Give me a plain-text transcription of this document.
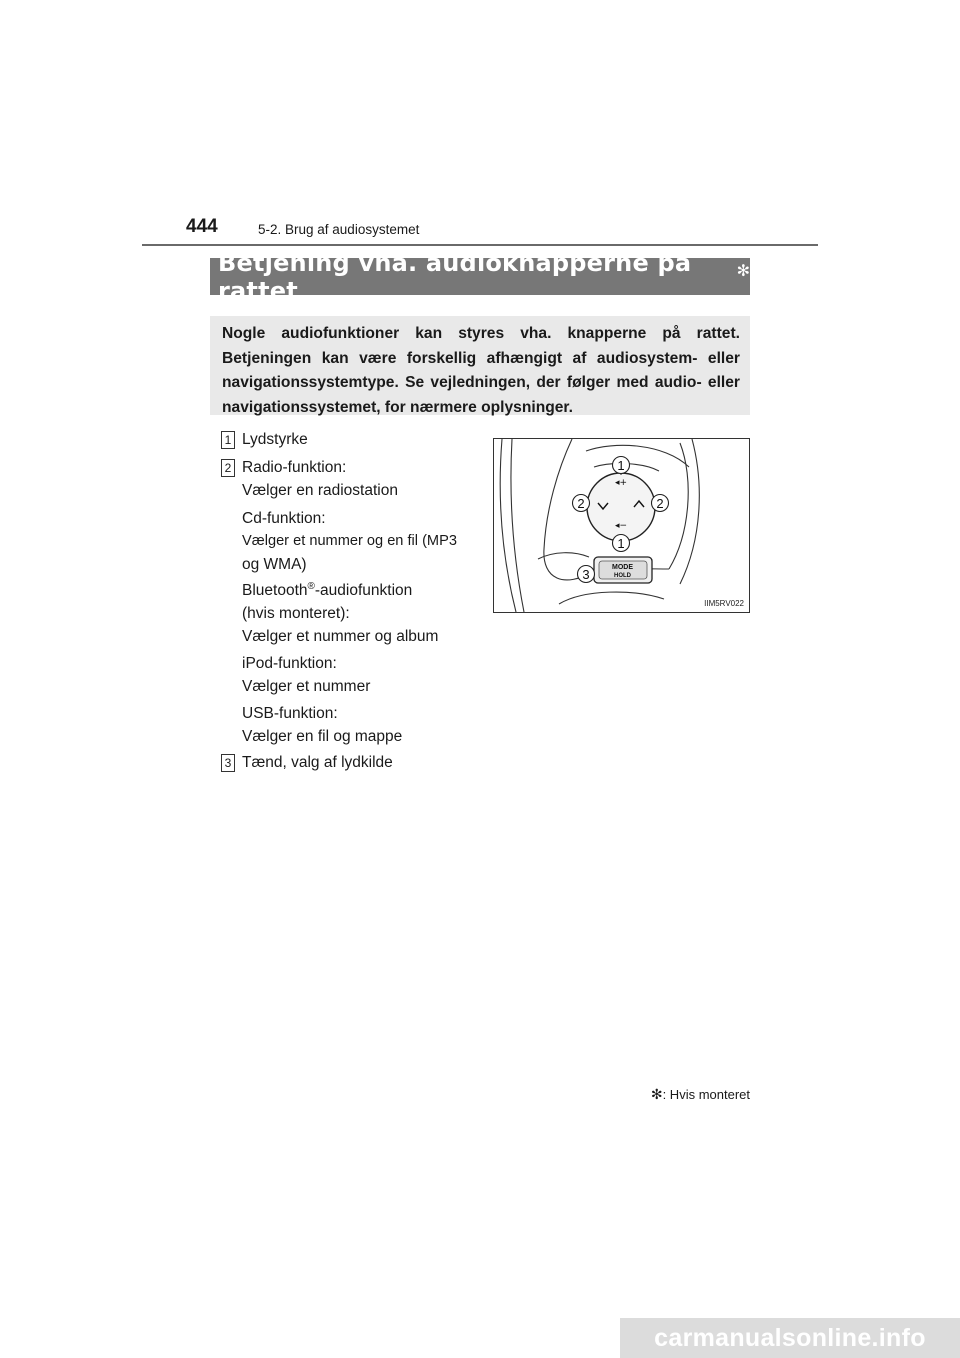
444	5-2. Brug af audiosystemet
Betjening vha. audioknapperne på rattet
✻
Nogle audiofunktioner kan styres vha. knapperne på rattet. Betjeningen kan være forskellig afhængigt af audiosystem- eller navigationssystemtype. Se vejledningen, der følger med audio- eller navigationssystemet, for nærmere oplysninger.
1 Lydstyrke
2 Radio-funktion:
Vælger en radiostation
Cd-funktion:
Vælger et nummer og en fil (MP3
og WMA)
Bluetooth®-audiofunktion
(hvis monteret):
Vælger et nummer og album
iPod-funktion:
Vælger et nummer
USB-funktion:
Vælger en fil og mappe
3 Tænd, valg af lydkilde
◂+
◂−
MODE
HOLD
1
2	2
1
3
IIM5RV022
✻: Hvis monteret
carmanualsonline.info
